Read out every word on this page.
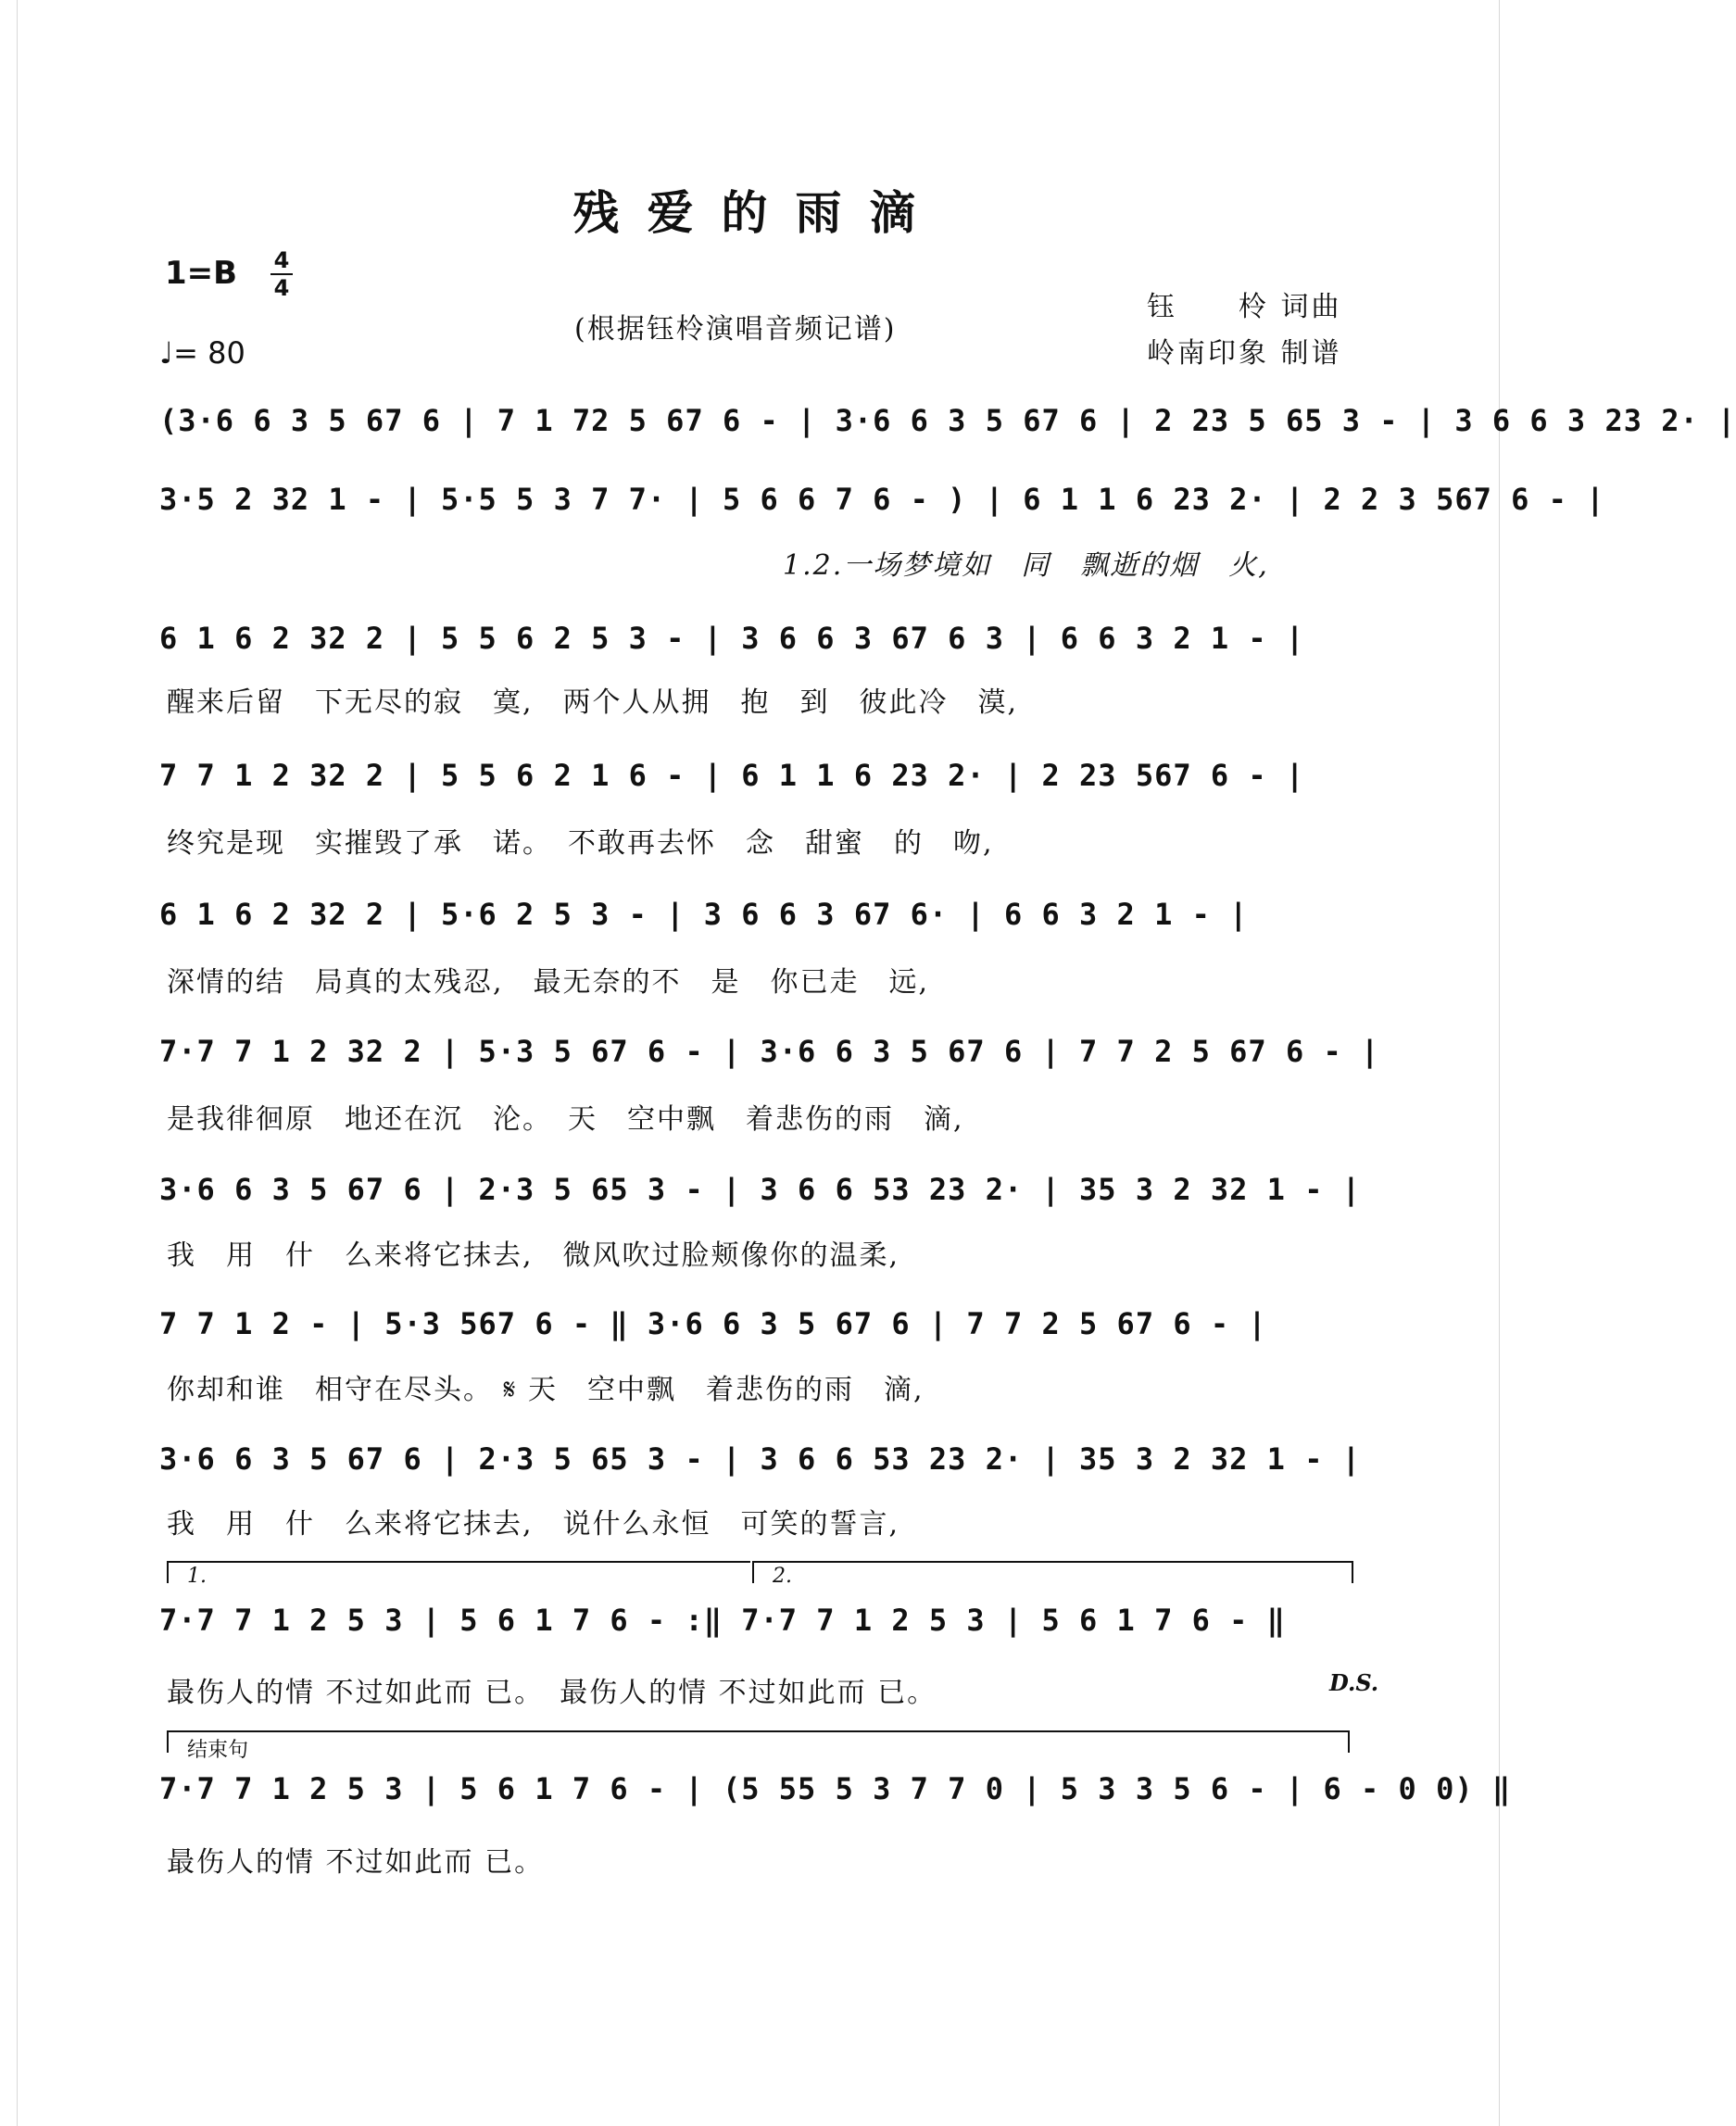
残爱的雨滴
1=B 4
4
♩= 80
(根据钰柃演唱音频记谱)
钰　　柃 词曲
岭南印象 制谱
(3·6 6 3 5 67 6 | 7 1 72 5 67 6 - | 3·6 6 3 5 67 6 | 2 23 5 65 3 - | 3 6 6 3 23 2· |
3·5 2 32 1 - | 5·5 5 3 7 7· | 5 6 6 7 6 - ) | 6 1 1 6 23 2· | 2 2 3 567 6 - |
1.2.一场梦境如　同　飘逝的烟　火,
6 1 6 2 32 2 | 5 5 6 2 5 3 - | 3 6 6 3 67 6 3 | 6 6 3 2 1 - |
醒来后留　下无尽的寂　寞,　两个人从拥　抱　到　彼此冷　漠,
7 7 1 2 32 2 | 5 5 6 2 1 6 - | 6 1 1 6 23 2· | 2 23 567 6 - |
终究是现　实摧毁了承　诺。　不敢再去怀　念　甜蜜　的　吻,
6 1 6 2 32 2 | 5·6 2 5 3 - | 3 6 6 3 67 6· | 6 6 3 2 1 - |
深情的结　局真的太残忍,　最无奈的不　是　你已走　远,
7·7 7 1 2 32 2 | 5·3 5 67 6 - | 3·6 6 3 5 67 6 | 7 7 2 5 67 6 - |
是我徘徊原　地还在沉　沦。　天　空中飘　着悲伤的雨　滴,
3·6 6 3 5 67 6 | 2·3 5 65 3 - | 3 6 6 53 23 2· | 35 3 2 32 1 - |
我　用　什　么来将它抹去,　微风吹过脸颊像你的温柔,
7 7 1 2 - | 5·3 567 6 - ‖ 3·6 6 3 5 67 6 | 7 7 2 5 67 6 - |
你却和谁　相守在尽头。 𝄋 天　空中飘　着悲伤的雨　滴,
3·6 6 3 5 67 6 | 2·3 5 65 3 - | 3 6 6 53 23 2· | 35 3 2 32 1 - |
我　用　什　么来将它抹去,　说什么永恒　可笑的誓言,
1.	2.
7·7 7 1 2 5 3 | 5 6 1 7 6 - :‖ 7·7 7 1 2 5 3 | 5 6 1 7 6 - ‖
最伤人的情 不过如此而 已。　最伤人的情 不过如此而 已。	D.S.
结束句
7·7 7 1 2 5 3 | 5 6 1 7 6 - | (5 55 5 3 7 7 0 | 5 3 3 5 6 - | 6 - 0 0) ‖
最伤人的情 不过如此而 已。
